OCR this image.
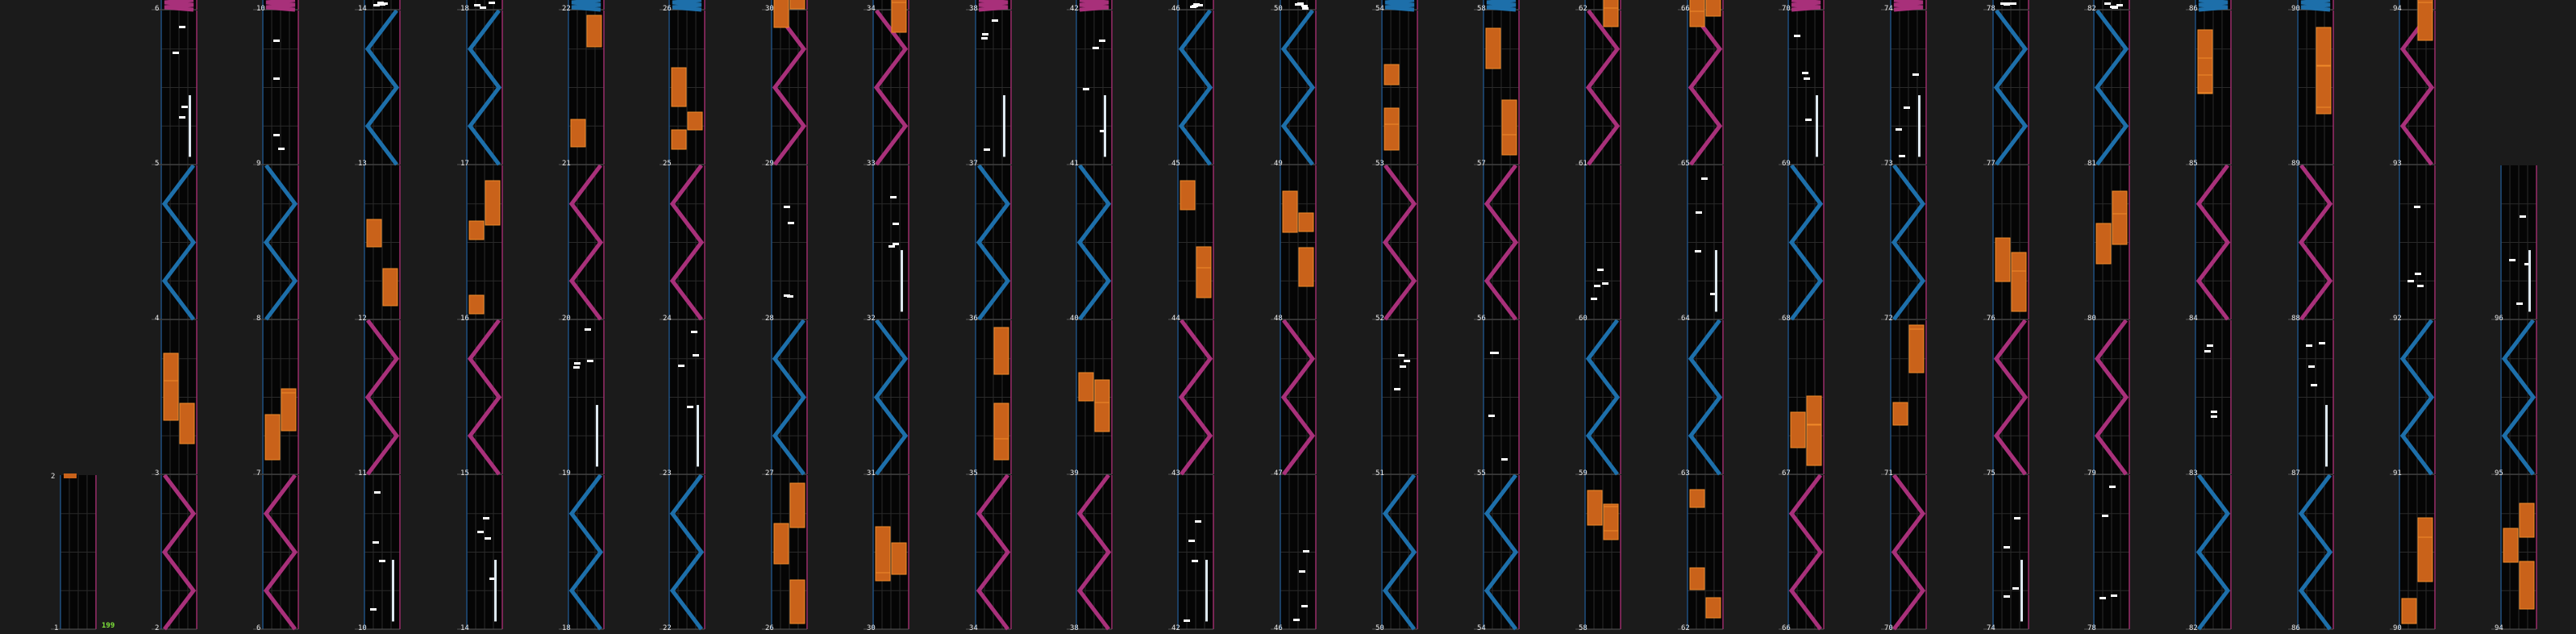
199
1
2
2
3
4
5
6
6
7
8
9
10
10
11
12
13
14
14
15
16
17
18
18
19
20
21
22
22
23
24
25
26
26
27
28
29
30
30
31
32
33
34
34
35
36
37
38
38
39
40
41
42
42
43
44
45
46
46
47
48
49
50
50
51
52
53
54
54
55
56
57
58
58
59
60
61
62
62
63
64
65
66
66
67
68
69
70
70
71
72
73
74
74
75
76
77
78
78
79
80
81
82
82
83
84
85
86
86
87
88
89
90
90
91
92
93
94
94
95
96
